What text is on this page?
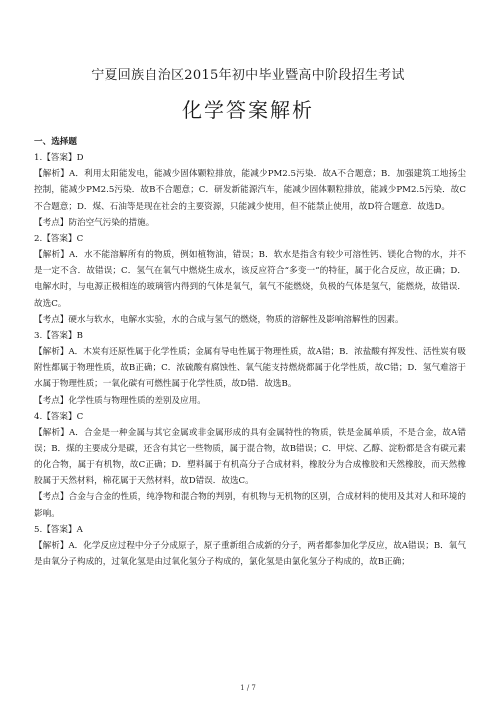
宁夏回族自治区2015年初中毕业暨高中阶段招生考试
化学答案解析

一、选择题

1.【答案】D

【解析】A．利用太阳能发电，能减少固体颗粒排放，能减少PM2.5污染．故A不合题意；B．加强建筑工地扬尘控制，能减少PM2.5污染．故B不合题意；C．研发新能源汽车，能减少固体颗粒排放，能减少PM2.5污染．故C不合题意；D．煤、石油等是现在社会的主要资源，只能减少使用，但不能禁止使用，故D符合题意．故选D。

【考点】防治空气污染的措施。

2.【答案】C

【解析】A．水不能溶解所有的物质，例如植物油，错误；B．软水是指含有较少可溶性钙、镁化合物的水，并不是一定不含．故错误；C．氢气在氧气中燃烧生成水，该反应符合“多变一”的特征，属于化合反应，故正确；D．电解水时，与电源正极相连的玻璃管内得到的气体是氧气，氧气不能燃烧，负极的气体是氢气，能燃烧，故错误．故选C。

【考点】硬水与软水，电解水实验，水的合成与氢气的燃烧，物质的溶解性及影响溶解性的因素。

3.【答案】B

【解析】A．木炭有还原性属于化学性质；金属有导电性属于物理性质，故A错；B．浓盐酸有挥发性、活性炭有吸附性都属于物理性质，故B正确；C．浓硫酸有腐蚀性、氧气能支持燃烧都属于化学性质，故C错；D．氢气难溶于水属于物理性质；一氧化碳有可燃性属于化学性质，故D错．故选B。

【考点】化学性质与物理性质的差别及应用。

4.【答案】C

【解析】A．合金是一种金属与其它金属或非金属形成的具有金属特性的物质，铁是金属单质，不是合金，故A错误；B．煤的主要成分是碳，还含有其它一些物质，属于混合物，故B错误；C．甲烷、乙醇、淀粉都是含有碳元素的化合物，属于有机物，故C正确；D．塑料属于有机高分子合成材料，橡胶分为合成橡胶和天然橡胶，而天然橡胶属于天然材料，棉花属于天然材料，故D错误．故选C。

【考点】合金与合金的性质，纯净物和混合物的判别，有机物与无机物的区别，合成材料的使用及其对人和环境的影响。

5.【答案】A

【解析】A．化学反应过程中分子分成原子，原子重新组合成新的分子，两者都参加化学反应，故A错误；B．氧气是由氧分子构成的，过氧化氢是由过氧化氢分子构成的，氯化氢是由氯化氢分子构成的，故B正确；

1 / 7
